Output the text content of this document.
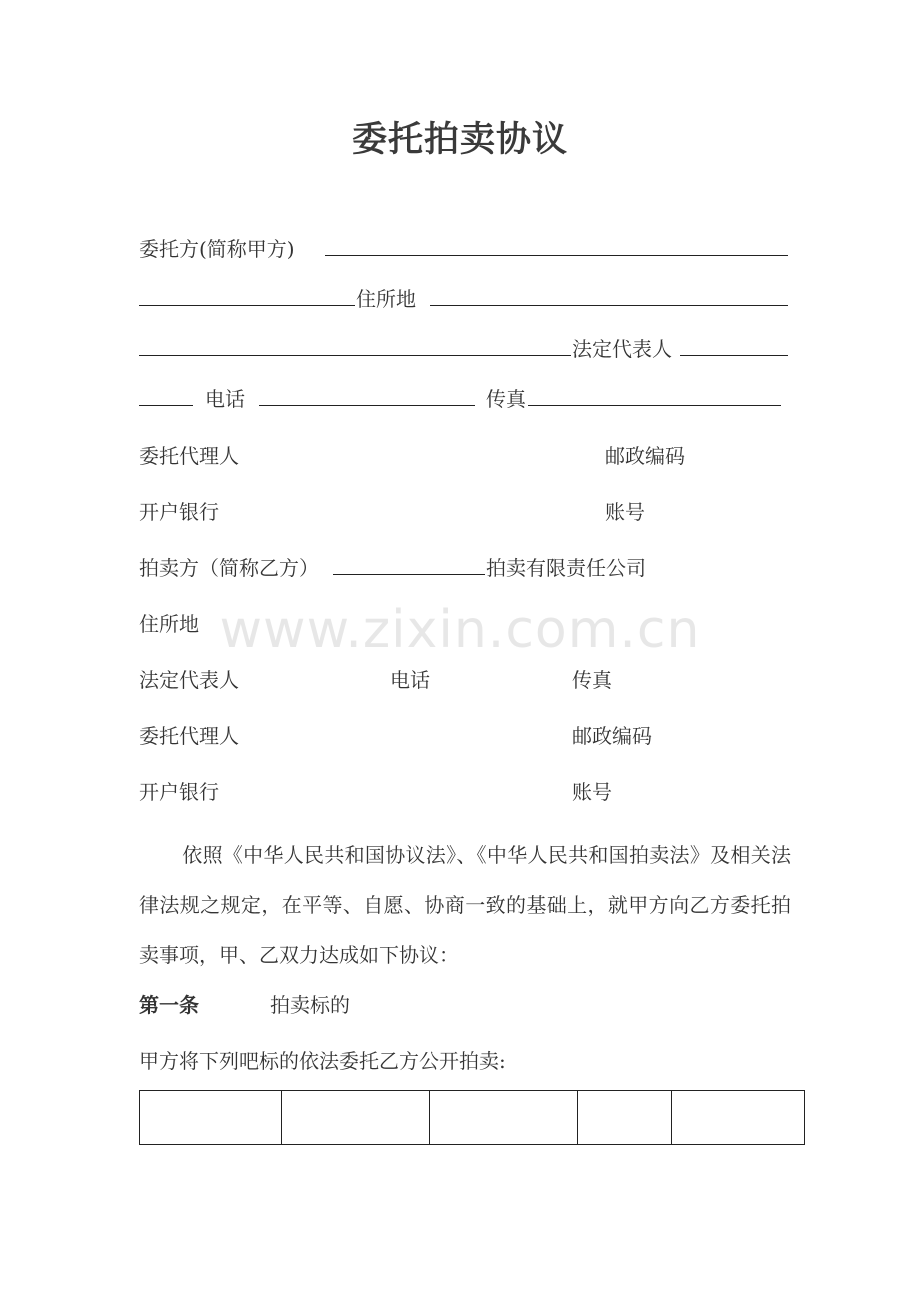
委托拍卖协议
委托方(简称甲方)
住所地
法定代表人
电话	传真
委托代理人	邮政编码
开户银行	账号
拍卖方（简称乙方）	拍卖有限责任公司
住所地
法定代表人	电话	传真
委托代理人	邮政编码
开户银行	账号
依照《中华人民共和国协议法》、《中华人民共和国拍卖法》及相关法律法规之规定，在平等、自愿、协商一致的基础上，就甲方向乙方委托拍卖事项，甲、乙双力达成如下协议：
第一条	拍卖标的
甲方将下列吧标的依法委托乙方公开拍卖:

www.zixin.com.cn
